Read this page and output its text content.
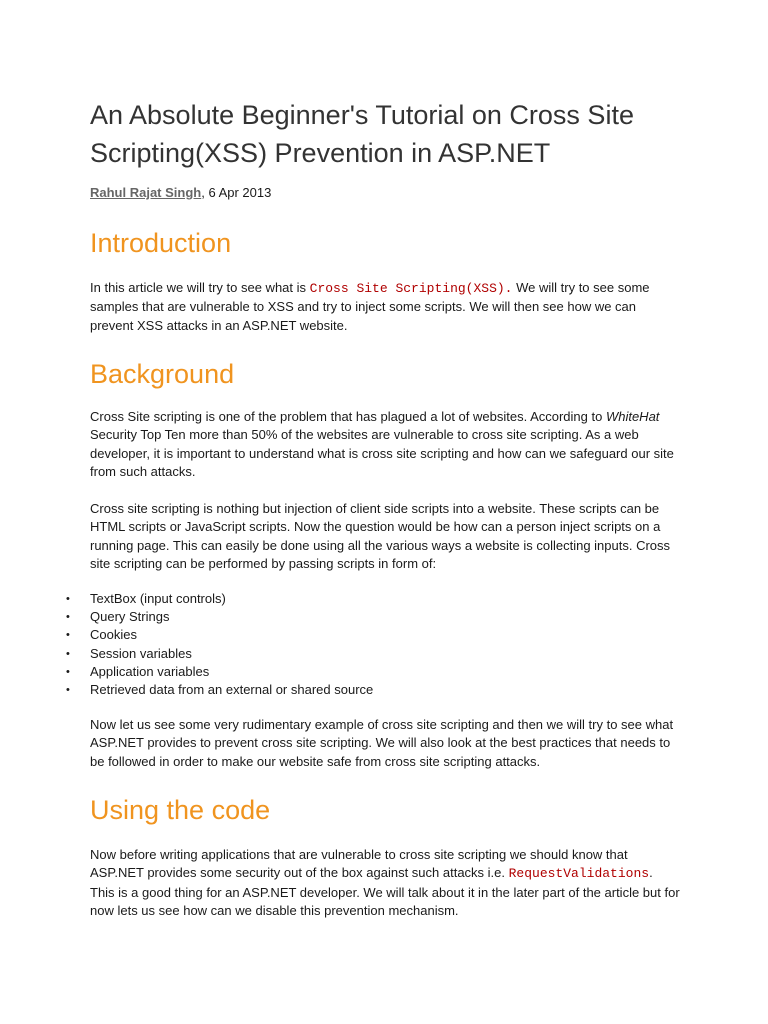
An Absolute Beginner's Tutorial on Cross Site Scripting(XSS) Prevention in ASP.NET
Rahul Rajat Singh, 6 Apr 2013
Introduction

In this article we will try to see what is Cross Site Scripting(XSS). We will try to see some samples that are vulnerable to XSS and try to inject some scripts. We will then see how we can prevent XSS attacks in an ASP.NET website.

Background

Cross Site scripting is one of the problem that has plagued a lot of websites. According to WhiteHat Security Top Ten more than 50% of the websites are vulnerable to cross site scripting. As a web developer, it is important to understand what is cross site scripting and how can we safeguard our site from such attacks.

Cross site scripting is nothing but injection of client side scripts into a website. These scripts can be HTML scripts or JavaScript scripts. Now the question would be how can a person inject scripts on a running page. This can easily be done using all the various ways a website is collecting inputs. Cross site scripting can be performed by passing scripts in form of:

• TextBox (input controls)
• Query Strings
• Cookies
• Session variables
• Application variables
• Retrieved data from an external or shared source

Now let us see some very rudimentary example of cross site scripting and then we will try to see what ASP.NET provides to prevent cross site scripting. We will also look at the best practices that needs to be followed in order to make our website safe from cross site scripting attacks.

Using the code

Now before writing applications that are vulnerable to cross site scripting we should know that ASP.NET provides some security out of the box against such attacks i.e. RequestValidations. This is a good thing for an ASP.NET developer. We will talk about it in the later part of the article but for now lets us see how can we disable this prevention mechanism.
